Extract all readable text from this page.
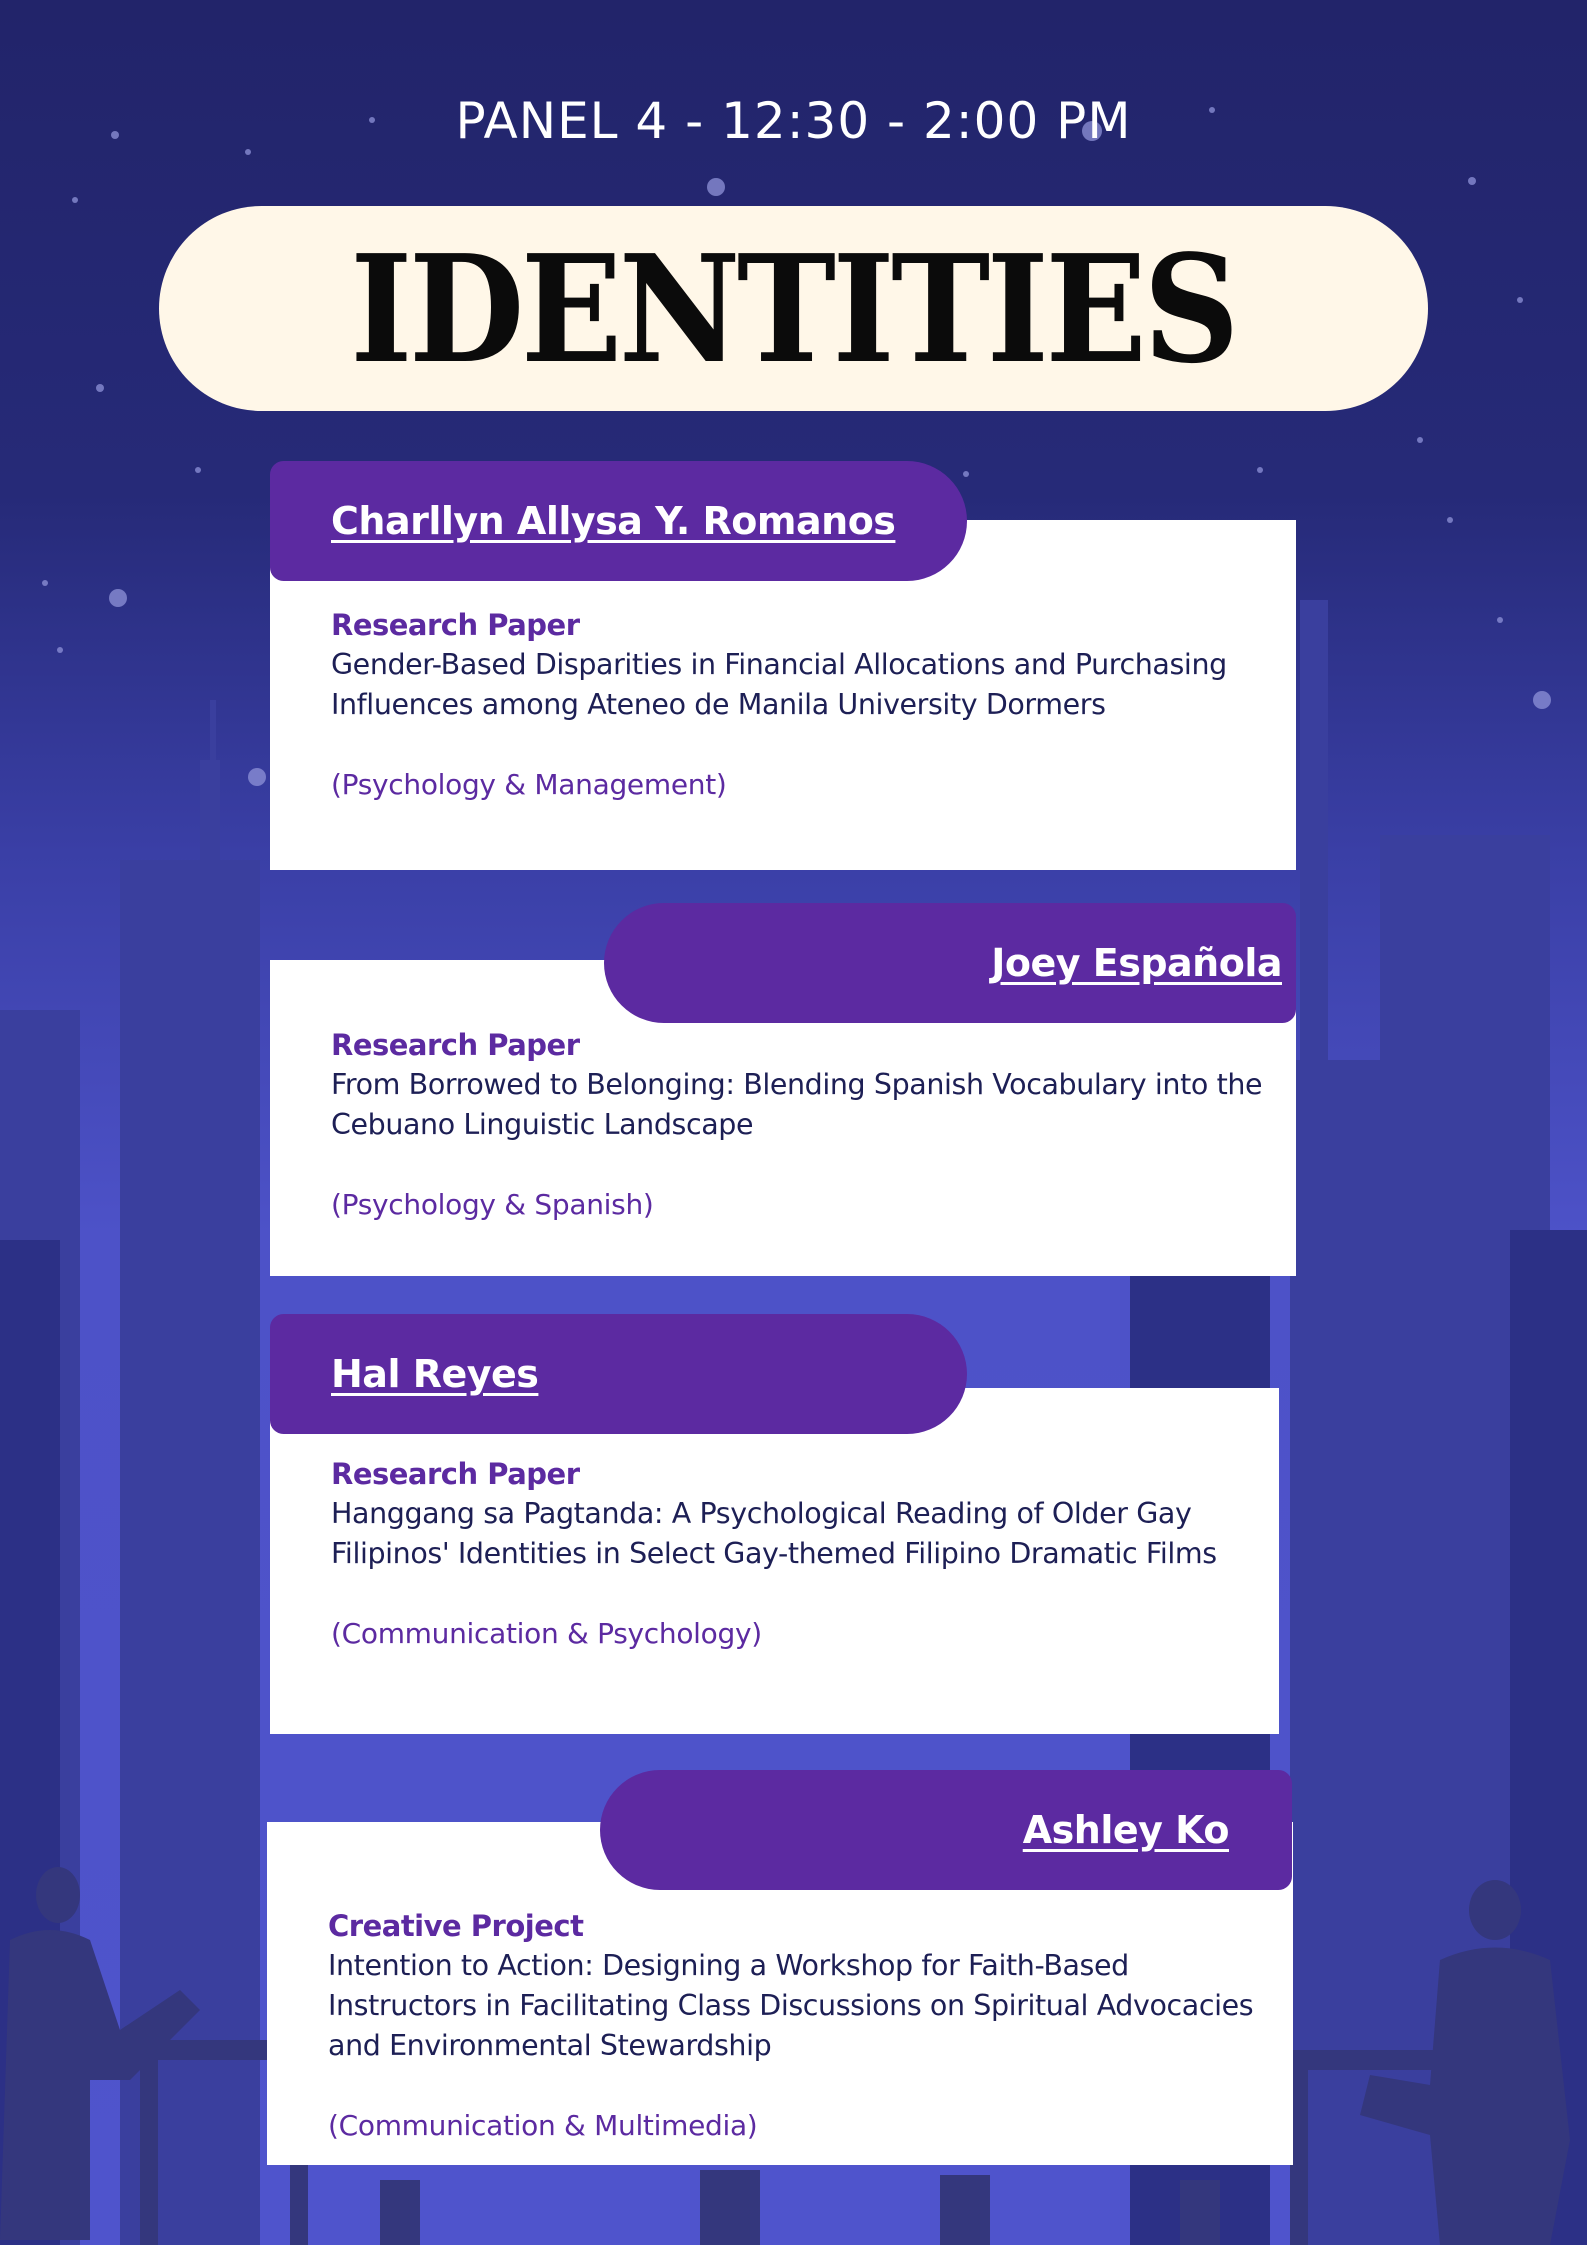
PANEL 4 - 12:30 - 2:00 PM
IDENTITIES
Research Paper
Gender-Based Disparities in Financial Allocations and Purchasing Influences among Ateneo de Manila University Dormers
(Psychology & Management)
Charllyn Allysa Y. Romanos
Research Paper
From Borrowed to Belonging: Blending Spanish Vocabulary into the Cebuano Linguistic Landscape
(Psychology & Spanish)
Joey Española
Research Paper
Hanggang sa Pagtanda: A Psychological Reading of Older Gay Filipinos' Identities in Select Gay-themed Filipino Dramatic Films
(Communication & Psychology)
Hal Reyes
Creative Project
Intention to Action: Designing a Workshop for Faith-Based Instructors in Facilitating Class Discussions on Spiritual Advocacies and Environmental Stewardship
(Communication & Multimedia)
Ashley Ko
